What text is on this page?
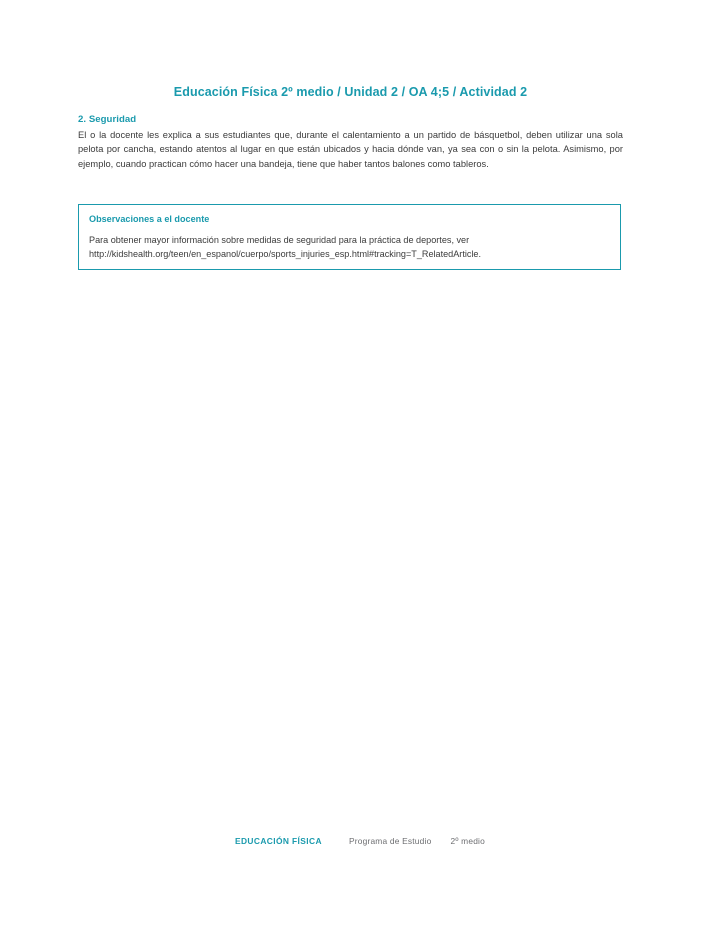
Educación Física 2º medio / Unidad 2 / OA 4;5 / Actividad 2
2. Seguridad

El o la docente les explica a sus estudiantes que, durante el calentamiento a un partido de básquetbol, deben utilizar una sola pelota por cancha, estando atentos al lugar en que están ubicados y hacia dónde van, ya sea con o sin la pelota. Asimismo, por ejemplo, cuando practican cómo hacer una bandeja, tiene que haber tantos balones como tableros.

Observaciones a el docente
Para obtener mayor información sobre medidas de seguridad para la práctica de deportes, ver
http://kidshealth.org/teen/en_espanol/cuerpo/sports_injuries_esp.html#tracking=T_RelatedArticle.
EDUCACIÓN FÍSICA	Programa de Estudio 2º medio
